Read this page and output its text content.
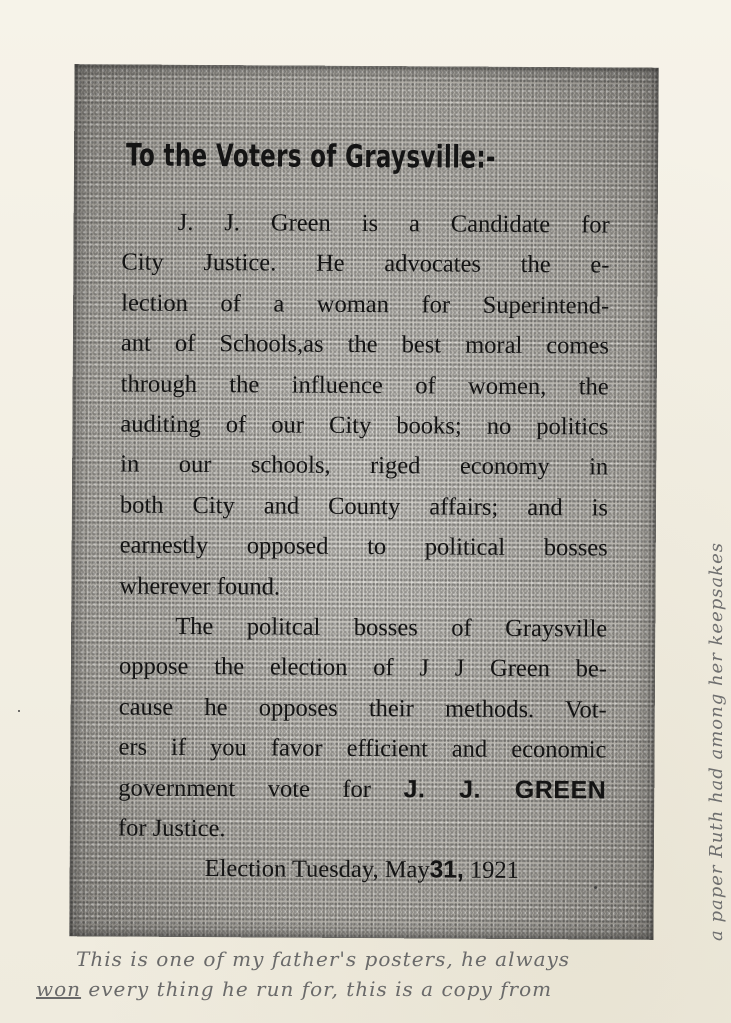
To the Voters of Graysville:-
J. J. Green is a Candidate for
City Justice. He advocates the e-
lection of a woman for Superintend-
ant of Schools,as the best moral comes
through the influence of women, the
auditing of our City books; no politics
in our schools, riged economy in
both City and County affairs; and is
earnestly opposed to political bosses
wherever found.
The politcal bosses of Graysville
oppose the election of J J Green be-
cause he opposes their methods. Vot-
ers if you favor efficient and economic
government vote for J. J. GREEN
for Justice.
Election Tuesday, May31, 1921	a paper Ruth had among her keepsakes
This is one of my father's posters, he always
won every thing he run for, this is a copy from
